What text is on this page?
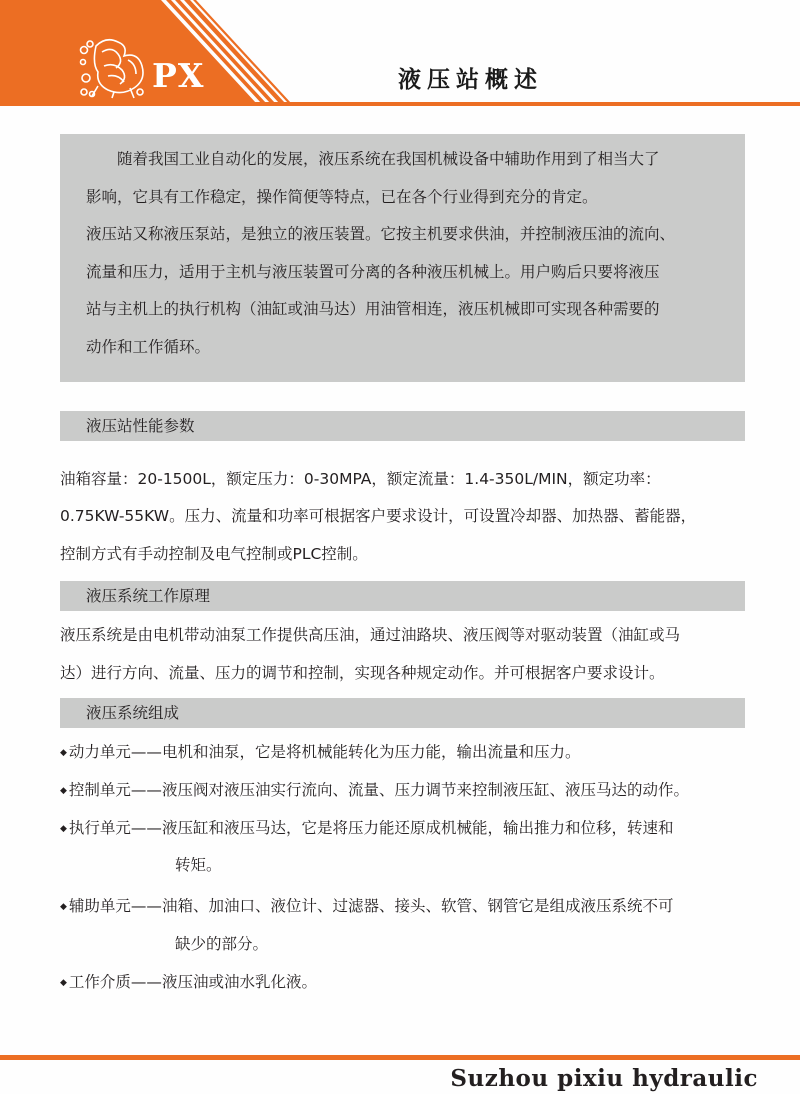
PX	液压站概述

随着我国工业自动化的发展，液压系统在我国机械设备中辅助作用到了相当大了

影响，它具有工作稳定，操作简便等特点，已在各个行业得到充分的肯定。

液压站又称液压泵站，是独立的液压装置。它按主机要求供油，并控制液压油的流向、

流量和压力，适用于主机与液压装置可分离的各种液压机械上。用户购后只要将液压

站与主机上的执行机构（油缸或油马达）用油管相连，液压机械即可实现各种需要的

动作和工作循环。

液压站性能参数
油箱容量：20-1500L，额定压力：0-30MPA，额定流量：1.4-350L/MIN，额定功率：
0.75KW-55KW。压力、流量和功率可根据客户要求设计，可设置冷却器、加热器、蓄能器，
控制方式有手动控制及电气控制或PLC控制。
液压系统工作原理
液压系统是由电机带动油泵工作提供高压油，通过油路块、液压阀等对驱动装置（油缸或马
达）进行方向、流量、压力的调节和控制，实现各种规定动作。并可根据客户要求设计。
液压系统组成
◆ 动力单元——电机和油泵，它是将机械能转化为压力能，输出流量和压力。
◆ 控制单元——液压阀对液压油实行流向、流量、压力调节来控制液压缸、液压马达的动作。
◆ 执行单元——液压缸和液压马达，它是将压力能还原成机械能，输出推力和位移，转速和
转矩。
◆ 辅助单元——油箱、加油口、液位计、过滤器、接头、软管、钢管它是组成液压系统不可
缺少的部分。
◆ 工作介质——液压油或油水乳化液。
Suzhou pixiu hydraulic
